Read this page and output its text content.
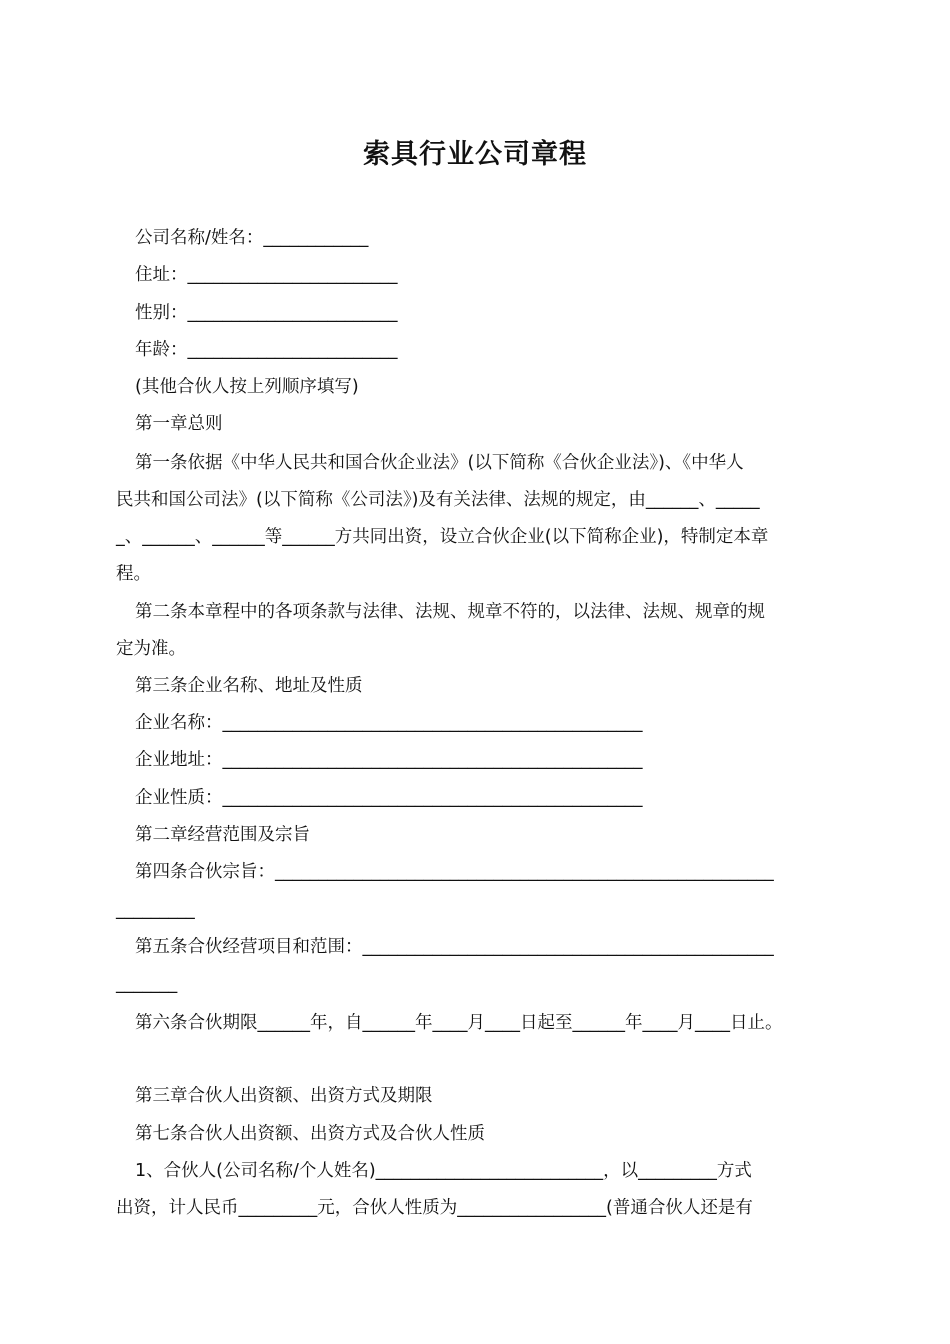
索具行业公司章程
公司名称/姓名：____________
住址：________________________
性别：________________________
年龄：________________________
(其他合伙人按上列顺序填写)
第一章总则
第一条依据《中华人民共和国合伙企业法》(以下简称《合伙企业法》)、《中华人
民共和国公司法》(以下简称《公司法》)及有关法律、法规的规定，由______、_____
_、______、______等______方共同出资，设立合伙企业(以下简称企业)，特制定本章
程。
第二条本章程中的各项条款与法律、法规、规章不符的，以法律、法规、规章的规
定为准。
第三条企业名称、地址及性质
企业名称：________________________________________________
企业地址：________________________________________________
企业性质：________________________________________________
第二章经营范围及宗旨
第四条合伙宗旨：_________________________________________________________
_________
第五条合伙经营项目和范围：_______________________________________________
_______
第六条合伙期限______年，自______年____月____日起至______年____月____日止。
第三章合伙人出资额、出资方式及期限
第七条合伙人出资额、出资方式及合伙人性质
1、合伙人(公司名称/个人姓名)__________________________，以_________方式
出资，计人民币_________元，合伙人性质为_________________(普通合伙人还是有
